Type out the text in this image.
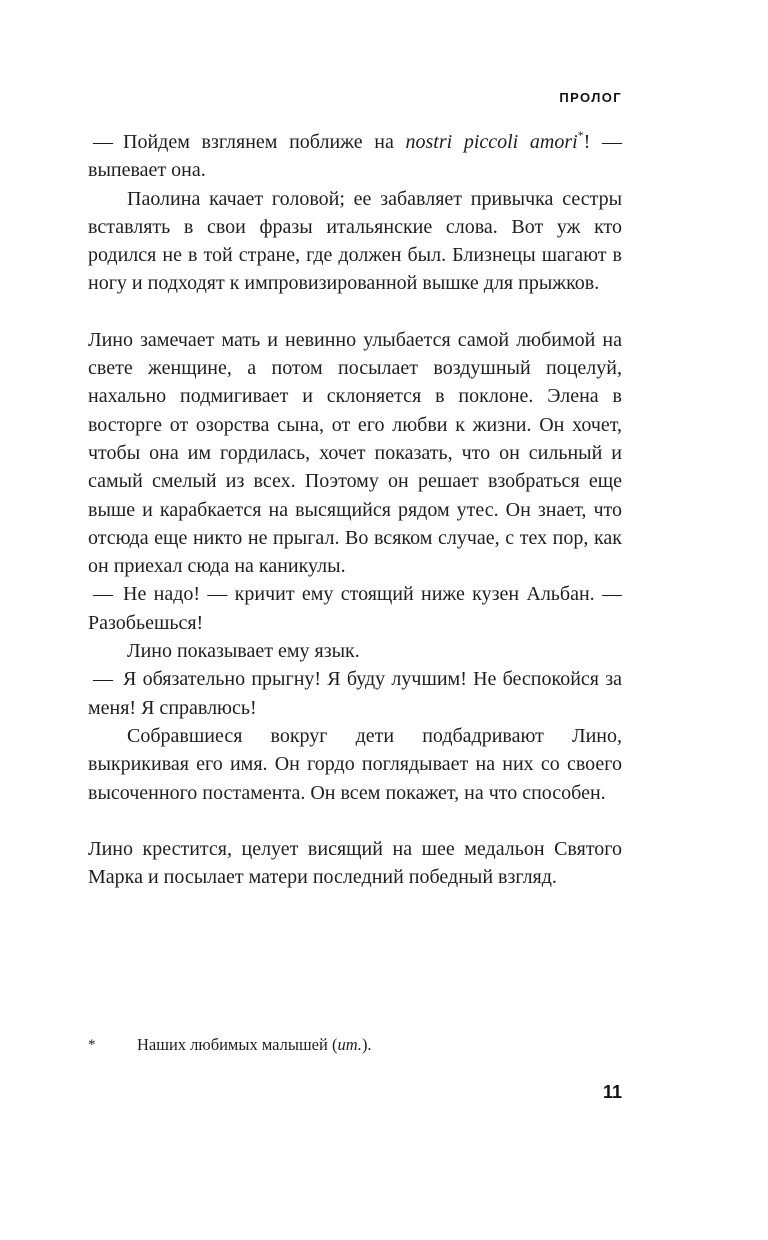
ПРОЛОГ

— Пойдем взглянем поближе на nostri piccoli amori*! — выпевает она.

Паолина качает головой; ее забавляет привычка сестры вставлять в свои фразы итальянские слова. Вот уж кто родился не в той стране, где должен был. Близнецы шагают в ногу и подходят к импровизированной вышке для прыжков.

Лино замечает мать и невинно улыбается самой любимой на свете женщине, а потом посылает воздушный поцелуй, нахально подмигивает и склоняется в поклоне. Элена в восторге от озорства сына, от его любви к жизни. Он хочет, чтобы она им гордилась, хочет показать, что он сильный и самый смелый из всех. Поэтому он решает взобраться еще выше и карабкается на высящийся рядом утес. Он знает, что отсюда еще никто не прыгал. Во всяком случае, с тех пор, как он приехал сюда на каникулы.

— Не надо! — кричит ему стоящий ниже кузен Альбан. — Разобьешься!

Лино показывает ему язык.

— Я обязательно прыгну! Я буду лучшим! Не беспокойся за меня! Я справлюсь!

Собравшиеся вокруг дети подбадривают Лино, выкрикивая его имя. Он гордо поглядывает на них со своего высоченного постамента. Он всем покажет, на что способен.

Лино крестится, целует висящий на шее медальон Святого Марка и посылает матери последний победный взгляд.

*	Наших любимых малышей (ит.).
11
